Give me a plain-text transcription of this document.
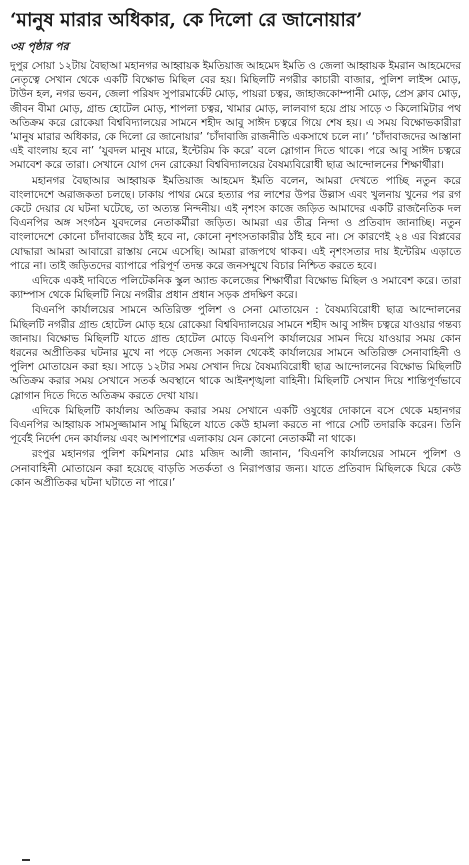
‘মানুষ মারার অধিকার, কে দিলো রে জানোয়ার’
৩য় পৃষ্ঠার পর

দুপুর সোয়া ১২টায় বৈছাআ মহানগর আহ্বায়ক ইমতিয়াজ আহমেদ ইমতি ও জেলা আহ্বায়ক ইমরান আহমেদের নেতৃত্বে সেখান থেকে একটি বিক্ষোভ মিছিল বের হয়। মিছিলটি নগরীর কাচারী বাজার, পুলিশ লাইন্স মোড়, টাউন হল, নগর ভবন, জেলা পরিষদ সুপারমার্কেট মোড়, পায়রা চত্বর, জাহাজকোম্পানী মোড়, প্রেস ক্লাব মোড়, জীবন বীমা মোড়, গ্রান্ড হোটেল মোড়, শাপলা চত্বর, খামার মোড়, লালবাগ হয়ে প্রায় সাড়ে ৩ কিলোমিটার পথ অতিক্রম করে রোকেয়া বিশ্ববিদ্যালয়ের সামনে শহীদ আবু সাঈদ চত্বরে গিয়ে শেষ হয়। এ সময় বিক্ষোভকারীরা ‘মানুষ মারার অধিকার, কে দিলো রে জানোয়ার’ ‘চাঁদাবাজি রাজনীতি একসাথে চলে না।’ ‘চাঁদাবাজদের আস্তানা এই বাংলায় হবে না’ ‘যুবদল মানুষ মারে, ইন্টেরিম কি করে’ বলে স্লোগান দিতে থাকে। পরে আবু সাঈদ চত্বরে সমাবেশ করে তারা। সেখানে যোগ দেন রোকেয়া বিশ্ববিদ্যালয়ের বৈষম্যবিরোধী ছাত্র আন্দোলনের শিক্ষার্থীরা।

মহানগর বৈছাআর আহ্বায়ক ইমতিয়াজ আহমেদ ইমতি বলেন, আমরা দেখতে পাচ্ছি নতুন করে বাংলাদেশে অরাজকতা চলছে। ঢাকায় পাথর মেরে হত্যার পর লাশের উপর উল্লাস এবং খুলনায় খুনের পর রগ কেটে দেয়ার যে ঘটনা ঘটেছে, তা অত্যন্ত নিন্দনীয়। এই নৃশংস কাজে জড়িত আমাদের একটি রাজনৈতিক দল বিএনপির অঙ্গ সংগঠন যুবদলের নেতাকর্মীরা জড়িত। আমরা এর তীব্র নিন্দা ও প্রতিবাদ জানাচ্ছি। নতুন বাংলাদেশে কোনো চাঁদাবাজের ঠাঁই হবে না, কোনো নৃশংসতাকারীর ঠাঁই হবে না। সে কারণেই ২৪ এর বিপ্লবের যোদ্ধারা আমরা আবারো রাস্তায় নেমে এসেছি। আমরা রাজপথে থাকব। এই নৃশংসতার দায় ইন্টেরিম এড়াতে পারে না। তাই জড়িতদের ব্যাপারে পরিপূর্ণ তদন্ত করে জনসম্মুখে বিচার নিশ্চিত করতে হবে।

এদিকে একই দাবিতে পলিটেকনিক স্কুল অ্যান্ড কলেজের শিক্ষার্থীরা বিক্ষোভ মিছিল ও সমাবেশ করে। তারা ক্যাম্পাস থেকে মিছিলটি নিয়ে নগরীর প্রধান প্রধান সড়ক প্রদক্ষিণ করে।

বিএনপি কার্যালয়ের সামনে অতিরিক্ত পুলিশ ও সেনা মোতায়েন : বৈষম্যবিরোধী ছাত্র আন্দোলনের মিছিলটি নগরীর গ্রান্ড হোটেল মোড় হয়ে রোকেয়া বিশ্ববিদ্যালয়ের সামনে শহীদ আবু সাঈদ চত্বরে যাওয়ার গন্তব্য জানায়। বিক্ষোভ মিছিলটি যাতে গ্রান্ড হোটেল মোড়ে বিএনপি কার্যালয়ের সামন দিয়ে যাওয়ার সময় কোন ধরনের অপ্রীতিকর ঘটনার মুখে না পড়ে সেজন্য সকাল থেকেই কার্যালয়ের সামনে অতিরিক্ত সেনাবাহিনী ও পুলিশ মোতায়েন করা হয়। সাড়ে ১২টার সময় সেখান দিয়ে বৈষম্যবিরোধী ছাত্র আন্দোলনের বিক্ষোভ মিছিলটি অতিক্রম করার সময় সেখানে সতর্ক অবস্থানে থাকে আইনশৃঙ্খলা বাহিনী। মিছিলটি সেখান দিয়ে শান্তিপূর্ণভাবে স্লোগান দিতে দিতে অতিক্রম করতে দেখা যায়।

এদিকে মিছিলটি কার্যালয় অতিক্রম করার সময় সেখানে একটি ওষুধের দোকানে বসে থেকে মহানগর বিএনপির আহ্বায়ক সামসুজ্জামান সামু মিছিলে যাতে কেউ হামলা করতে না পারে সেটি তদারকি করেন। তিনি পূর্বেই নির্দেশ দেন কার্যালয় এবং আশপাশের এলাকায় যেন কোনো নেতাকর্মী না থাকে।

রংপুর মহানগর পুলিশ কমিশনার মোঃ মজিদ আলী জানান, ‘বিএনপি কার্যালয়ের সামনে পুলিশ ও সেনাবাহিনী মোতায়েন করা হয়েছে বাড়তি সতর্কতা ও নিরাপত্তার জন্য। যাতে প্রতিবাদ মিছিলকে ঘিরে কেউ কোন অপ্রীতিকর ঘটনা ঘটাতে না পারে।’
